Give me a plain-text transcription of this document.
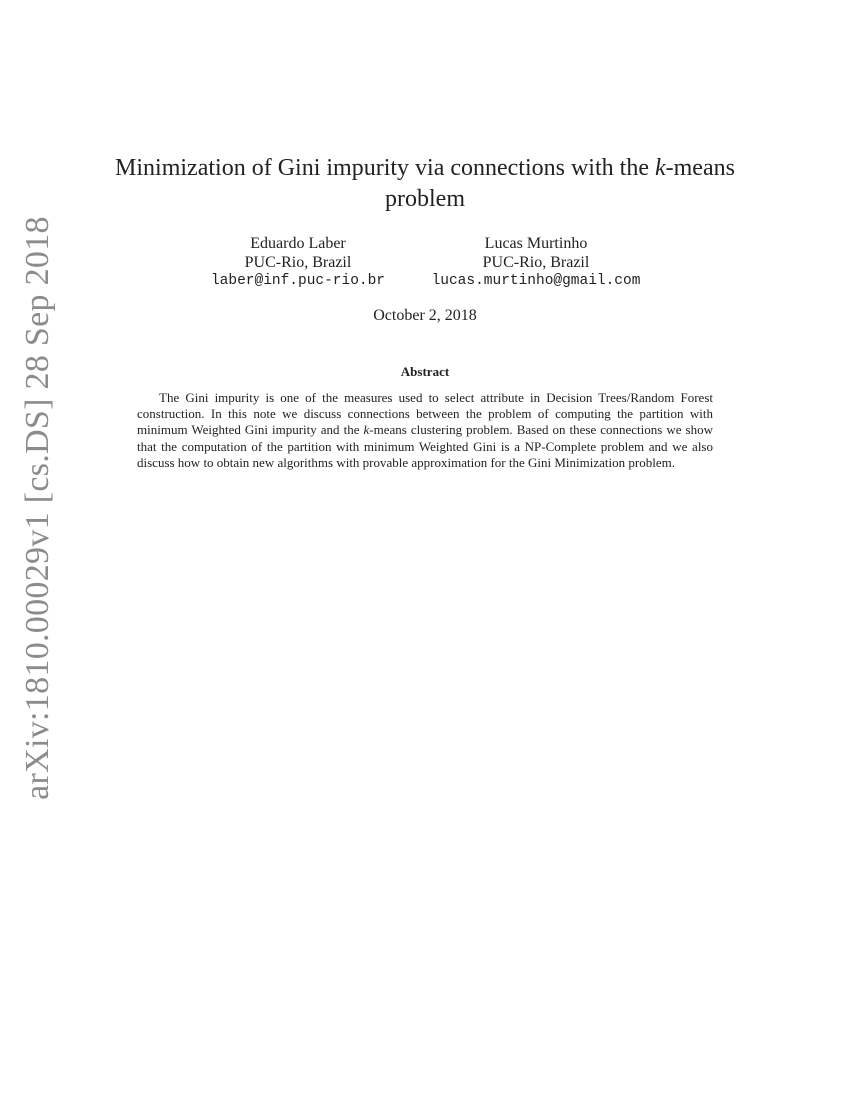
arXiv:1810.00029v1 [cs.DS] 28 Sep 2018
Minimization of Gini impurity via connections with the k-means problem
Eduardo Laber
PUC-Rio, Brazil
laber@inf.puc-rio.br
Lucas Murtinho
PUC-Rio, Brazil
lucas.murtinho@gmail.com
October 2, 2018
Abstract

The Gini impurity is one of the measures used to select attribute in Decision Trees/Random Forest construction. In this note we discuss connections between the problem of computing the partition with minimum Weighted Gini impurity and the k-means clustering problem. Based on these connections we show that the computation of the partition with minimum Weighted Gini is a NP-Complete problem and we also discuss how to obtain new algorithms with provable approximation for the Gini Minimization problem.
